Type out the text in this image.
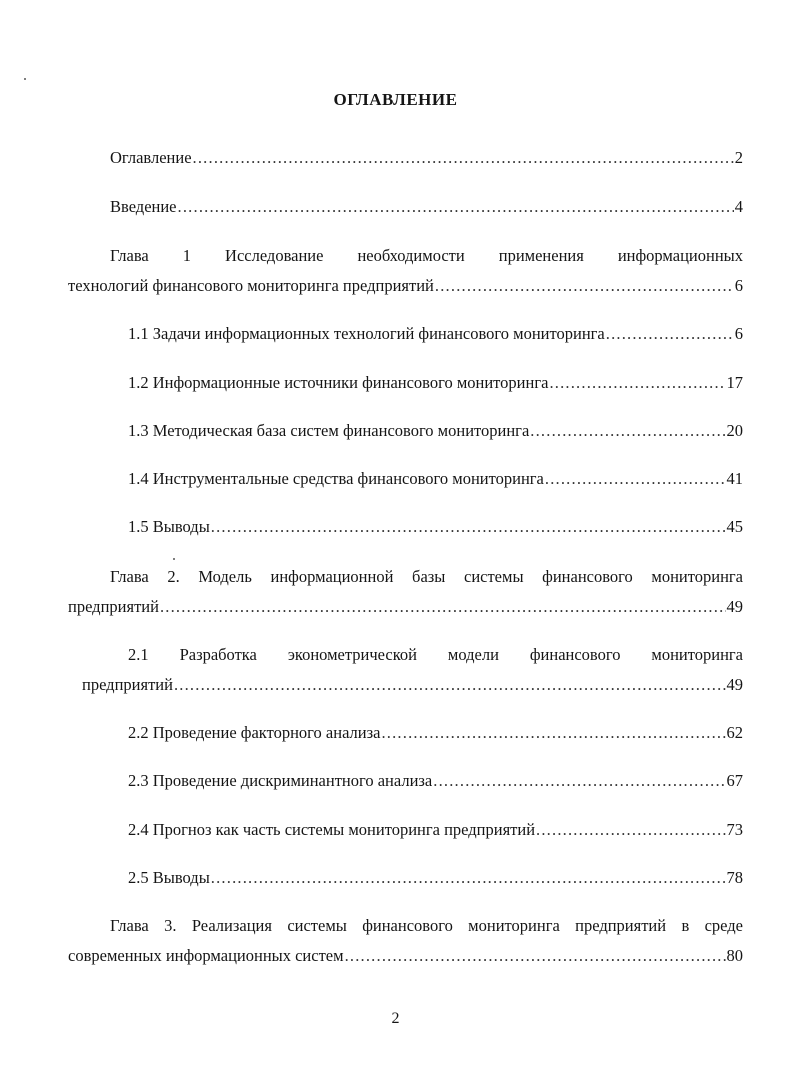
ОГЛАВЛЕНИЕ
Оглавление .....	2
Введение .....	4
Глава 1 Исследование необходимости применения информационных
технологий финансового мониторинга предприятий .....	6
1.1 Задачи информационных технологий финансового мониторинга .....	6
1.2 Информационные источники финансового мониторинга .....	17
1.3 Методическая база систем финансового мониторинга .....	20
1.4 Инструментальные средства финансового мониторинга .....	41
1.5 Выводы .....	45
Глава 2. Модель информационной базы системы финансового мониторинга
предприятий .....	49
2.1 Разработка эконометрической модели финансового мониторинга
предприятий .....	49
2.2 Проведение факторного анализа .....	62
2.3 Проведение дискриминантного анализа .....	67
2.4 Прогноз как часть системы мониторинга предприятий .....	73
2.5 Выводы .....	78
Глава 3. Реализация системы финансового мониторинга предприятий в среде
современных информационных систем .....	80
2
